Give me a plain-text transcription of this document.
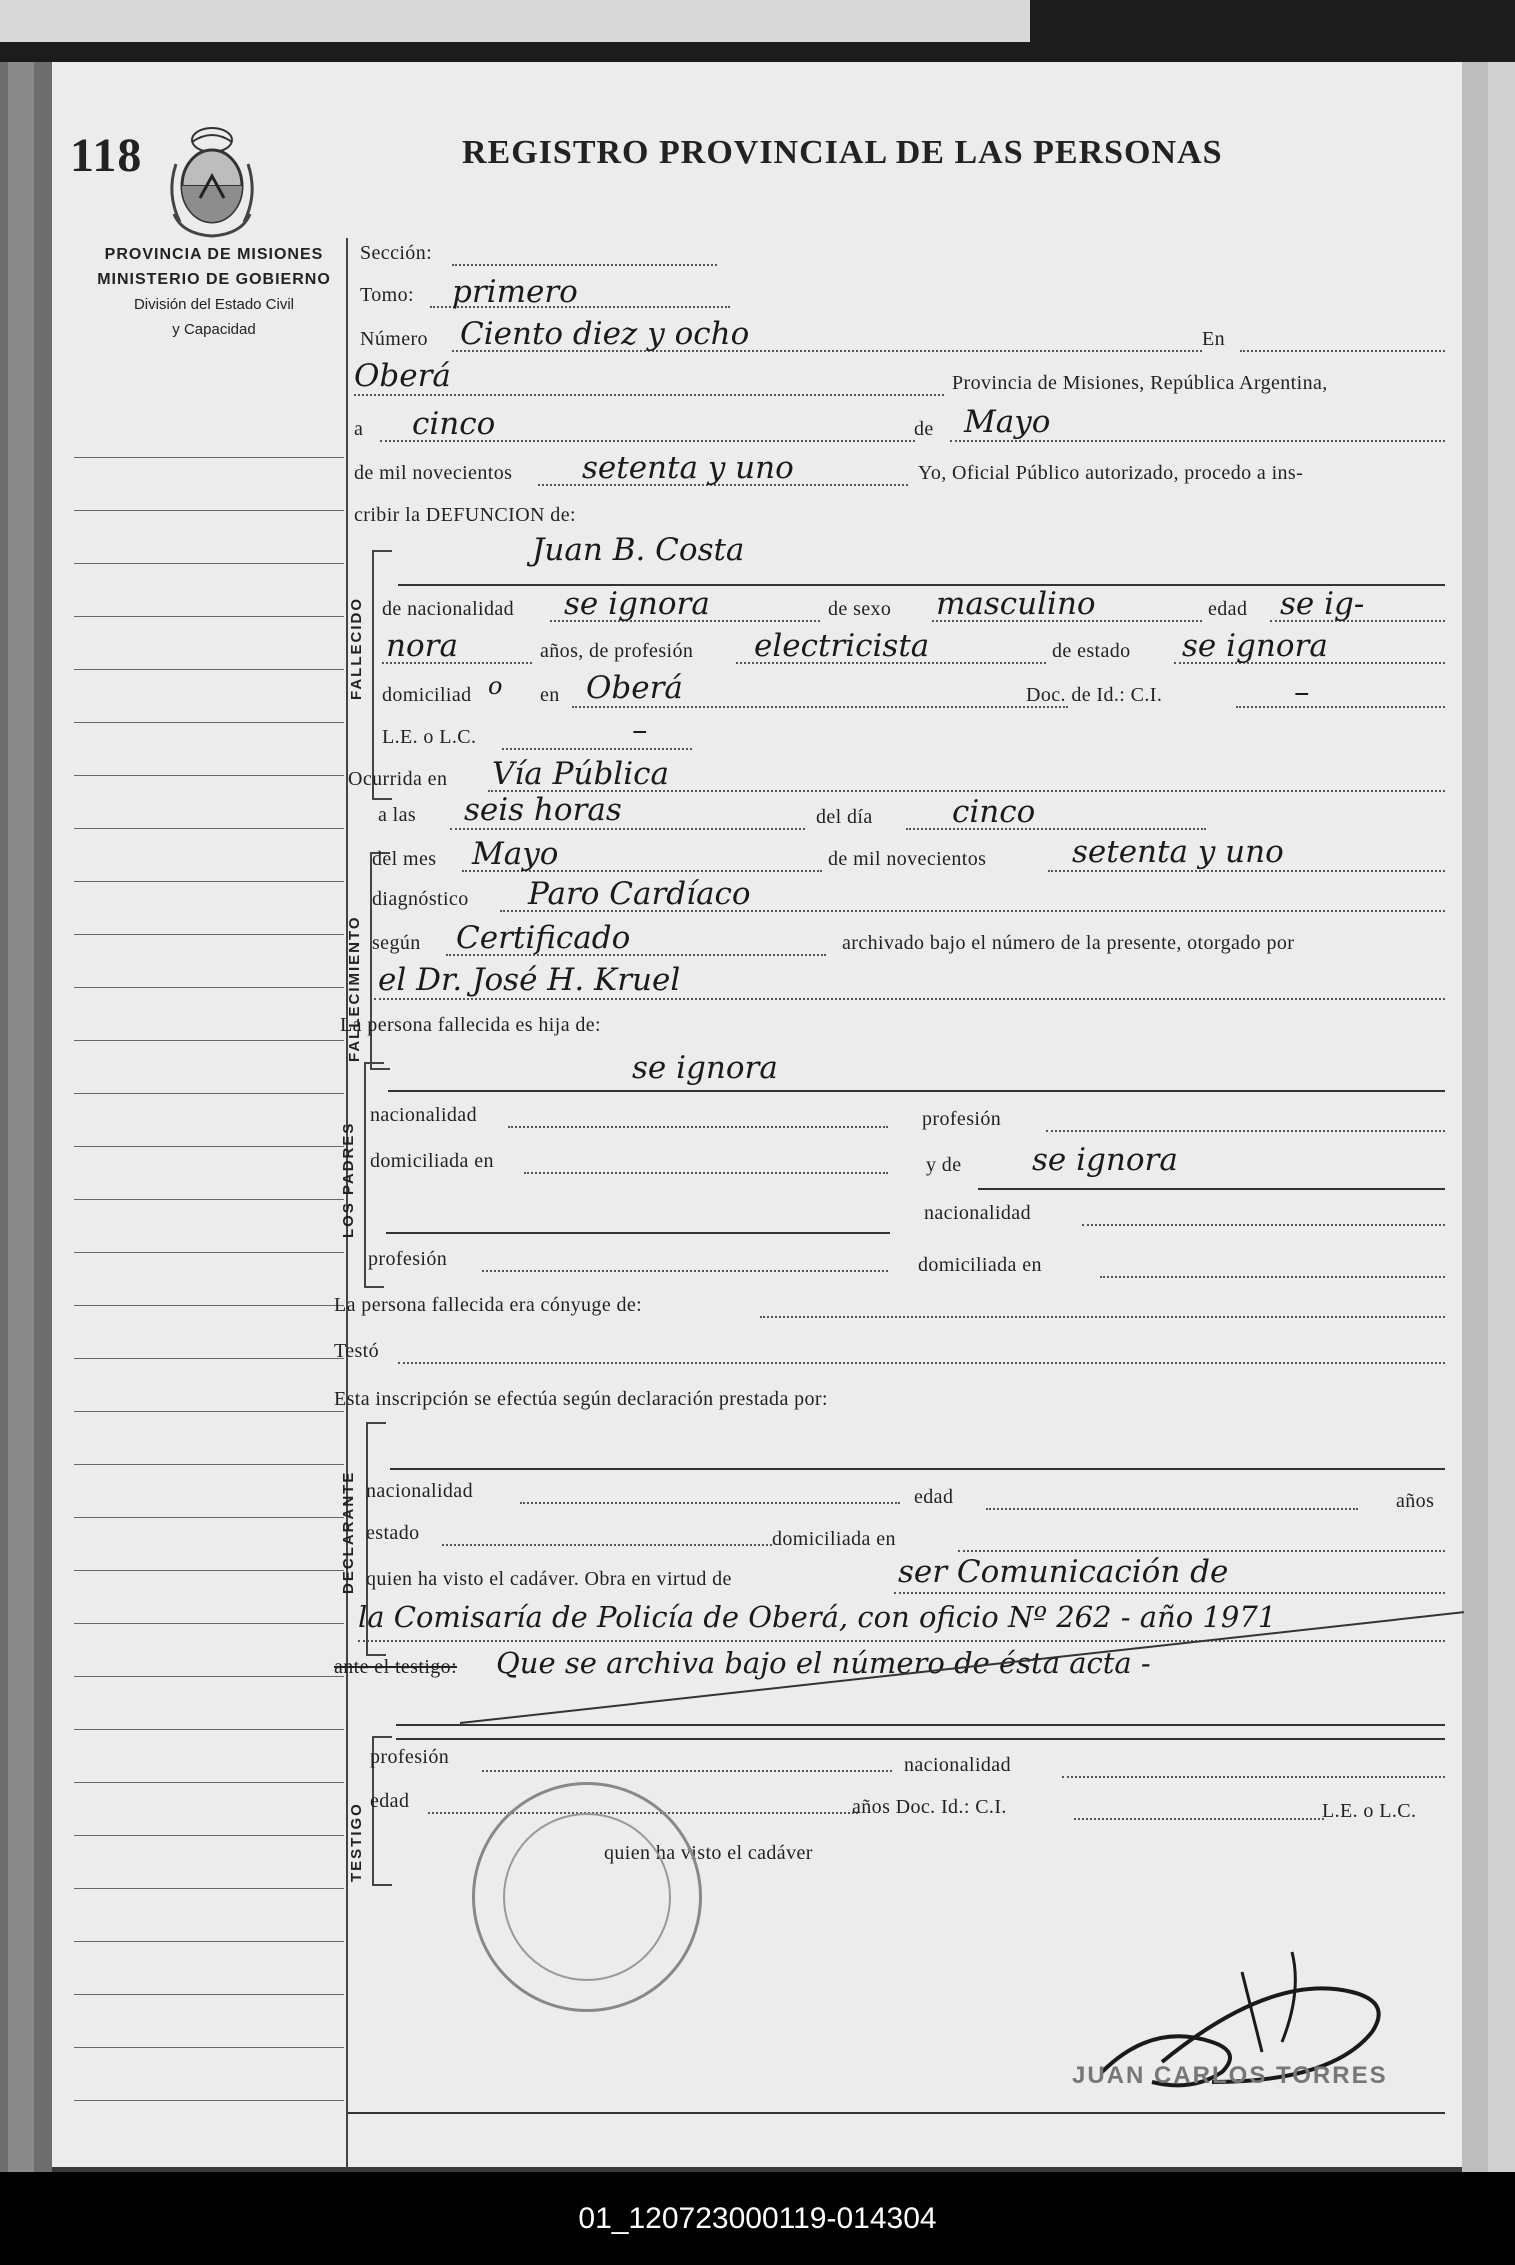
118	REGISTRO PROVINCIAL DE LAS PERSONAS
PROVINCIA DE MISIONES
MINISTERIO DE GOBIERNO
División del Estado Civil
y Capacidad
Sección:
Tomo: primero
Número Ciento diez y ocho	En
Oberá	Provincia de Misiones, República Argentina,
a cinco	de Mayo
de mil novecientos setenta y uno	Yo, Oficial Público autorizado, procedo a ins-
cribir la DEFUNCION de:
FALLECIDO
Juan B. Costa
de nacionalidad se ignora	de sexo masculino	edad se ig-
nora	años, de profesión electricista	de estado se ignora
domiciliad o en Oberá	Doc. de Id.: C.I.	–
L.E. o L.C.	–
Ocurrida en Vía Pública
FALLECIMIENTO
a las seis horas	del día	cinco
del mes Mayo	de mil novecientos	setenta y uno
diagnóstico Paro Cardíaco
según Certificado	archivado bajo el número de la presente, otorgado por
el Dr. José H. Kruel
La persona fallecida es hija de:
LOS PADRES
se ignora
nacionalidad	profesión
domiciliada en	y de se ignora
nacionalidad
profesión	domiciliada en
La persona fallecida era cónyuge de:
Testó
Esta inscripción se efectúa según declaración prestada por:
DECLARANTE nacionalidad	edad	años
estado	domiciliada en
quien ha visto el cadáver. Obra en virtud de	ser Comunicación de
la Comisaría de Policía de Oberá, con oficio Nº 262 - año 1971
ante el testigo: Que se archiva bajo el número de ésta acta -
TESTIGO
profesión	nacionalidad
edad	años Doc. Id.: C.I.	L.E. o L.C.
quien ha visto el cadáver
JUAN CARLOS TORRES
01_120723000119-014304
